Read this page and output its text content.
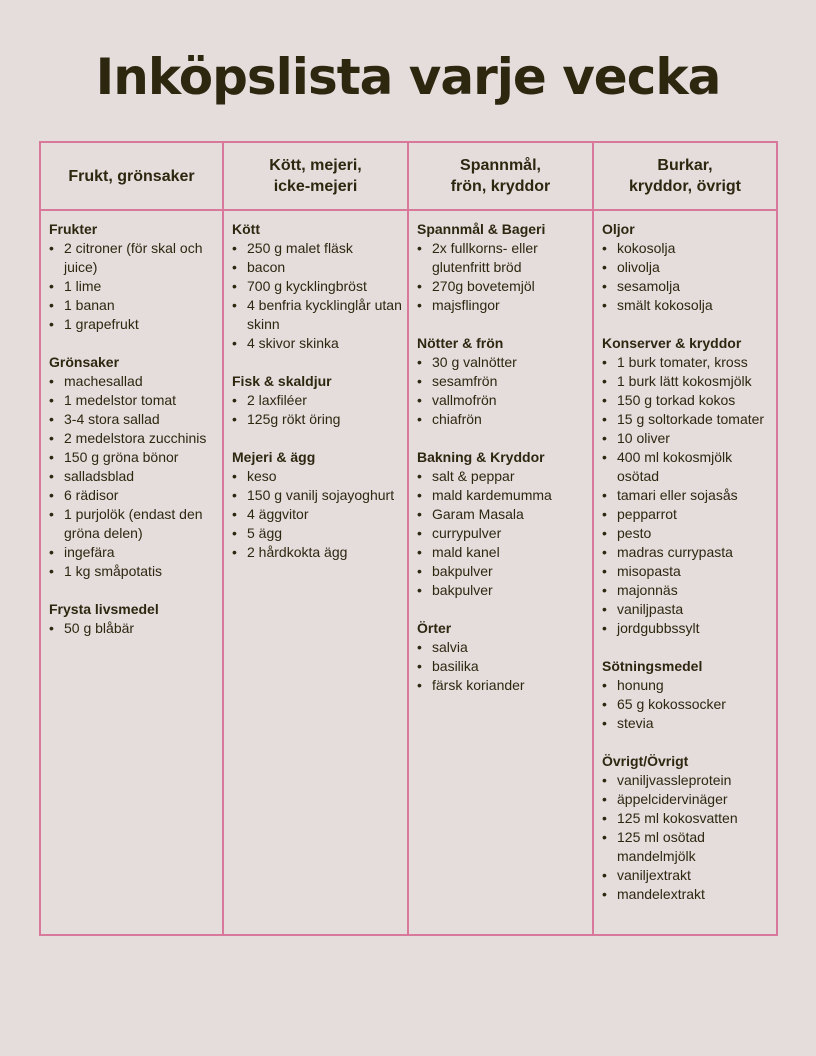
Inköpslista varje vecka
Frukt, grönsaker
Kött, mejeri,
icke-mejeri
Spannmål,
frön, kryddor
Burkar,
kryddor, övrigt
Frukter
• 2 citroner (för skal och juice)
• 1 lime
• 1 banan
• 1 grapefrukt
Grönsaker
• machesallad
• 1 medelstor tomat
• 3-4 stora sallad
• 2 medelstora zucchinis
• 150 g gröna bönor
• salladsblad
• 6 rädisor
• 1 purjolök (endast den gröna delen)
• ingefära
• 1 kg småpotatis
Frysta livsmedel
• 50 g blåbär
Kött
• 250 g malet fläsk
• bacon
• 700 g kycklingbröst
• 4 benfria kycklinglår utan skinn
• 4 skivor skinka
Fisk & skaldjur
• 2 laxfiléer
• 125g rökt öring
Mejeri & ägg
• keso
• 150 g vanilj sojayoghurt
• 4 äggvitor
• 5 ägg
• 2 hårdkokta ägg
Spannmål & Bageri
• 2x fullkorns- eller glutenfritt bröd
• 270g bovetemjöl
• majsflingor
Nötter & frön
• 30 g valnötter
• sesamfrön
• vallmofrön
• chiafrön
Bakning & Kryddor
• salt & peppar
• mald kardemumma
• Garam Masala
• currypulver
• mald kanel
• bakpulver
• bakpulver
Örter
• salvia
• basilika
• färsk koriander
Oljor
• kokosolja
• olivolja
• sesamolja
• smält kokosolja
Konserver & kryddor
• 1 burk tomater, kross
• 1 burk lätt kokosmjölk
• 150 g torkad kokos
• 15 g soltorkade tomater
• 10 oliver
• 400 ml kokosmjölk osötad
• tamari eller sojasås
• pepparrot
• pesto
• madras currypasta
• misopasta
• majonnäs
• vaniljpasta
• jordgubbssylt
Sötningsmedel
• honung
• 65 g kokossocker
• stevia
Övrigt/Övrigt
• vaniljvassleprotein
• äppelcidervinäger
• 125 ml kokosvatten
• 125 ml osötad mandelmjölk
• vaniljextrakt
• mandelextrakt
